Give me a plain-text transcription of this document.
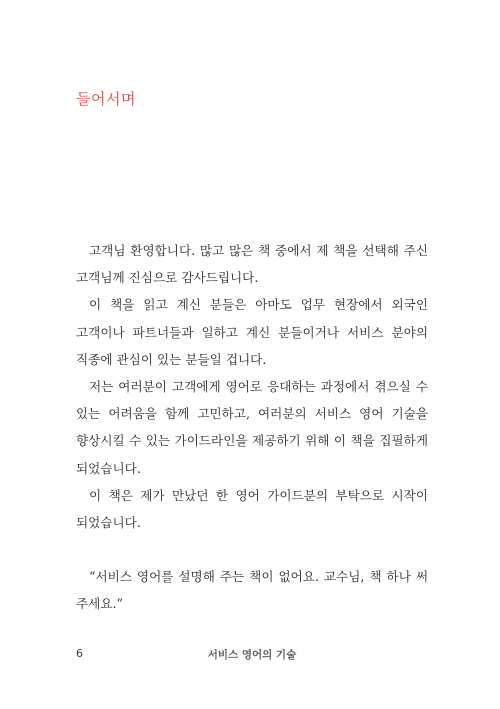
들어서며

고객님 환영합니다. 많고 많은 책 중에서 제 책을 선택해 주신 고객님께 진심으로 감사드립니다.

이 책을 읽고 계신 분들은 아마도 업무 현장에서 외국인 고객이나 파트너들과 일하고 계신 분들이거나 서비스 분야의 직종에 관심이 있는 분들일 겁니다.

저는 여러분이 고객에게 영어로 응대하는 과정에서 겪으실 수 있는 어려움을 함께 고민하고, 여러분의 서비스 영어 기술을 향상시킬 수 있는 가이드라인을 제공하기 위해 이 책을 집필하게 되었습니다.

이 책은 제가 만났던 한 영어 가이드분의 부탁으로 시작이 되었습니다.

“서비스 영어를 설명해 주는 책이 없어요. 교수님, 책 하나 써 주세요.”

6	서비스 영어의 기술
